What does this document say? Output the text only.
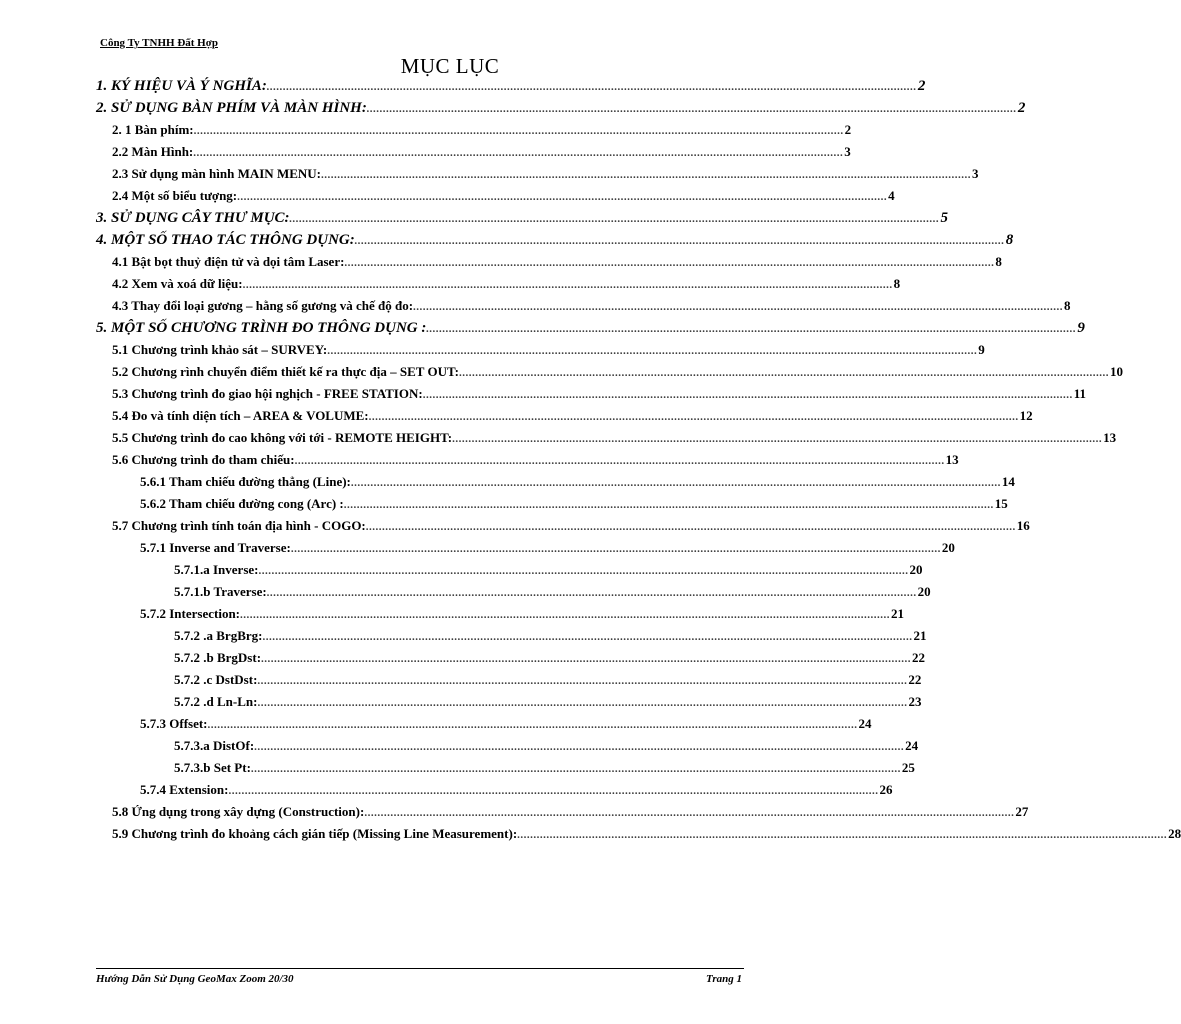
Công Ty TNHH Đất Hợp
MỤC LỤC
1. KÝ HIỆU VÀ Ý NGHĨA: ........................................................................................................................................................................................................ 2
2. SỬ DỤNG BÀN PHÍM VÀ MÀN HÌNH: ........................................................................................................................................................................................................ 2
2. 1 Bàn phím: ........................................................................................................................................................................................................ 2
2.2 Màn Hình: ........................................................................................................................................................................................................ 3
2.3 Sử dụng màn hình MAIN MENU: ........................................................................................................................................................................................................ 3
2.4 Một số biểu tượng: ........................................................................................................................................................................................................ 4
3. SỬ DỤNG CÂY THƯ MỤC: ........................................................................................................................................................................................................ 5
4. MỘT SỐ THAO TÁC THÔNG DỤNG: ........................................................................................................................................................................................................ 8
4.1 Bật bọt thuỷ điện tử và dọi tâm Laser: ........................................................................................................................................................................................................ 8
4.2 Xem và xoá dữ liệu: ........................................................................................................................................................................................................ 8
4.3 Thay đổi loại gương – hằng số gương và chế độ đo: ........................................................................................................................................................................................................ 8
5. MỘT SỐ CHƯƠNG TRÌNH ĐO THÔNG DỤNG : ........................................................................................................................................................................................................ 9
5.1 Chương trình khảo sát – SURVEY: ........................................................................................................................................................................................................ 9
5.2 Chương rình chuyển điểm thiết kế ra thực địa – SET OUT: ........................................................................................................................................................................................................ 10
5.3 Chương trình đo giao hội nghịch - FREE STATION: ........................................................................................................................................................................................................ 11
5.4 Đo và tính diện tích – AREA & VOLUME: ........................................................................................................................................................................................................ 12
5.5 Chương trình đo cao không với tới - REMOTE HEIGHT: ........................................................................................................................................................................................................ 13
5.6 Chương trình đo tham chiếu: ........................................................................................................................................................................................................ 13
5.6.1 Tham chiếu đường thẳng (Line): ........................................................................................................................................................................................................ 14
5.6.2 Tham chiếu đường cong (Arc) : ........................................................................................................................................................................................................ 15
5.7 Chương trình tính toán địa hình - COGO: ........................................................................................................................................................................................................ 16
5.7.1 Inverse and Traverse: ........................................................................................................................................................................................................ 20
5.7.1.a Inverse: ........................................................................................................................................................................................................ 20
5.7.1.b Traverse: ........................................................................................................................................................................................................ 20
5.7.2 Intersection: ........................................................................................................................................................................................................ 21
5.7.2 .a BrgBrg: ........................................................................................................................................................................................................ 21
5.7.2 .b BrgDst: ........................................................................................................................................................................................................ 22
5.7.2 .c DstDst: ........................................................................................................................................................................................................ 22
5.7.2 .d Ln-Ln: ........................................................................................................................................................................................................ 23
5.7.3 Offset: ........................................................................................................................................................................................................ 24
5.7.3.a DistOf: ........................................................................................................................................................................................................ 24
5.7.3.b Set Pt: ........................................................................................................................................................................................................ 25
5.7.4 Extension: ........................................................................................................................................................................................................ 26
5.8 Ứng dụng trong xây dựng (Construction): ........................................................................................................................................................................................................ 27
5.9 Chương trình đo khoảng cách gián tiếp (Missing Line Measurement): ........................................................................................................................................................................................................ 28
Hướng Dẫn Sử Dụng GeoMax Zoom 20/30	Trang 1
